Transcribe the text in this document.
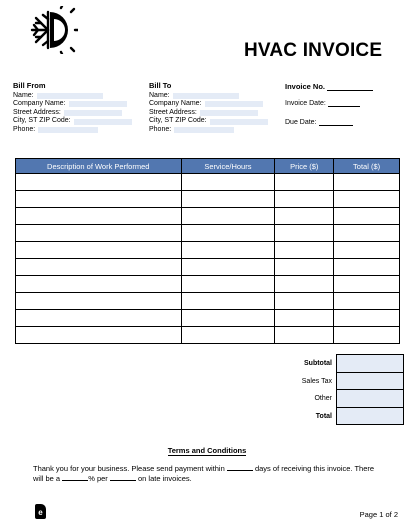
HVAC INVOICE
Bill From
Name:
Company Name:
Street Address:
City, ST ZIP Code:
Phone:
Bill To
Name:
Company Name:
Street Address:
City, ST ZIP Code:
Phone:
Invoice No.
Invoice Date:
Due Date:
Description of Work Performed	Service/Hours	Price ($)	Total ($)

Subtotal
Sales Tax
Other
Total
Terms and Conditions
Thank you for your business. Please send payment within	days of receiving this invoice. There
will be a	% per	on late invoices.
e	Page 1 of 2
